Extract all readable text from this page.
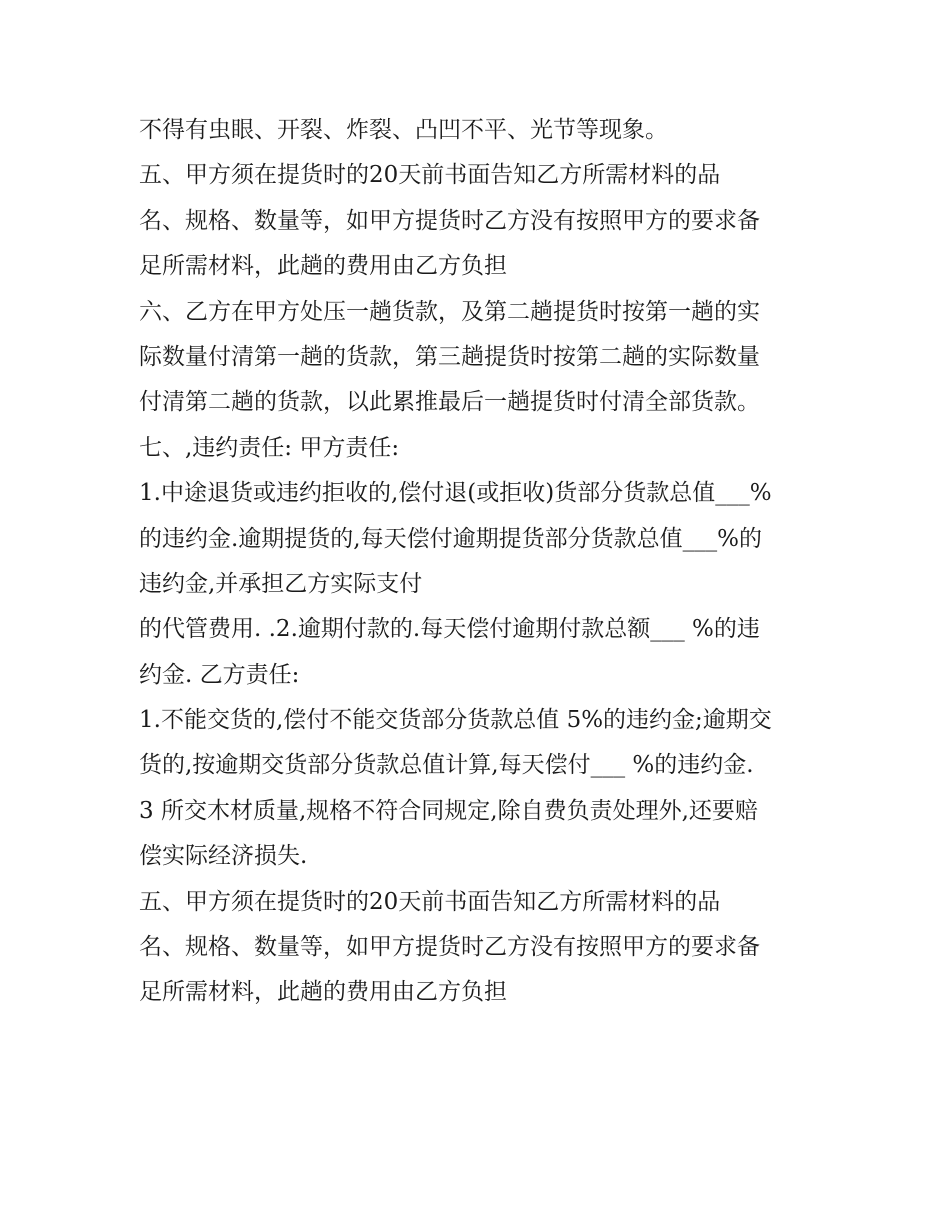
不得有虫眼、开裂、炸裂、凸凹不平、光节等现象。
五、甲方须在提货时的20天前书面告知乙方所需材料的品
名、规格、数量等，如甲方提货时乙方没有按照甲方的要求备
足所需材料，此趟的费用由乙方负担
六、乙方在甲方处压一趟货款，及第二趟提货时按第一趟的实
际数量付清第一趟的货款，第三趟提货时按第二趟的实际数量
付清第二趟的货款，以此累推最后一趟提货时付清全部货款。
七、,违约责任: 甲方责任:
1.中途退货或违约拒收的,偿付退(或拒收)货部分货款总值___%
的违约金.逾期提货的,每天偿付逾期提货部分货款总值___%的
违约金,并承担乙方实际支付
的代管费用. .2.逾期付款的.每天偿付逾期付款总额___ %的违
约金. 乙方责任:
1.不能交货的,偿付不能交货部分货款总值 5%的违约金;逾期交
货的,按逾期交货部分货款总值计算,每天偿付___ %的违约金.
3 所交木材质量,规格不符合同规定,除自费负责处理外,还要赔
偿实际经济损失.
五、甲方须在提货时的20天前书面告知乙方所需材料的品
名、规格、数量等，如甲方提货时乙方没有按照甲方的要求备
足所需材料，此趟的费用由乙方负担
